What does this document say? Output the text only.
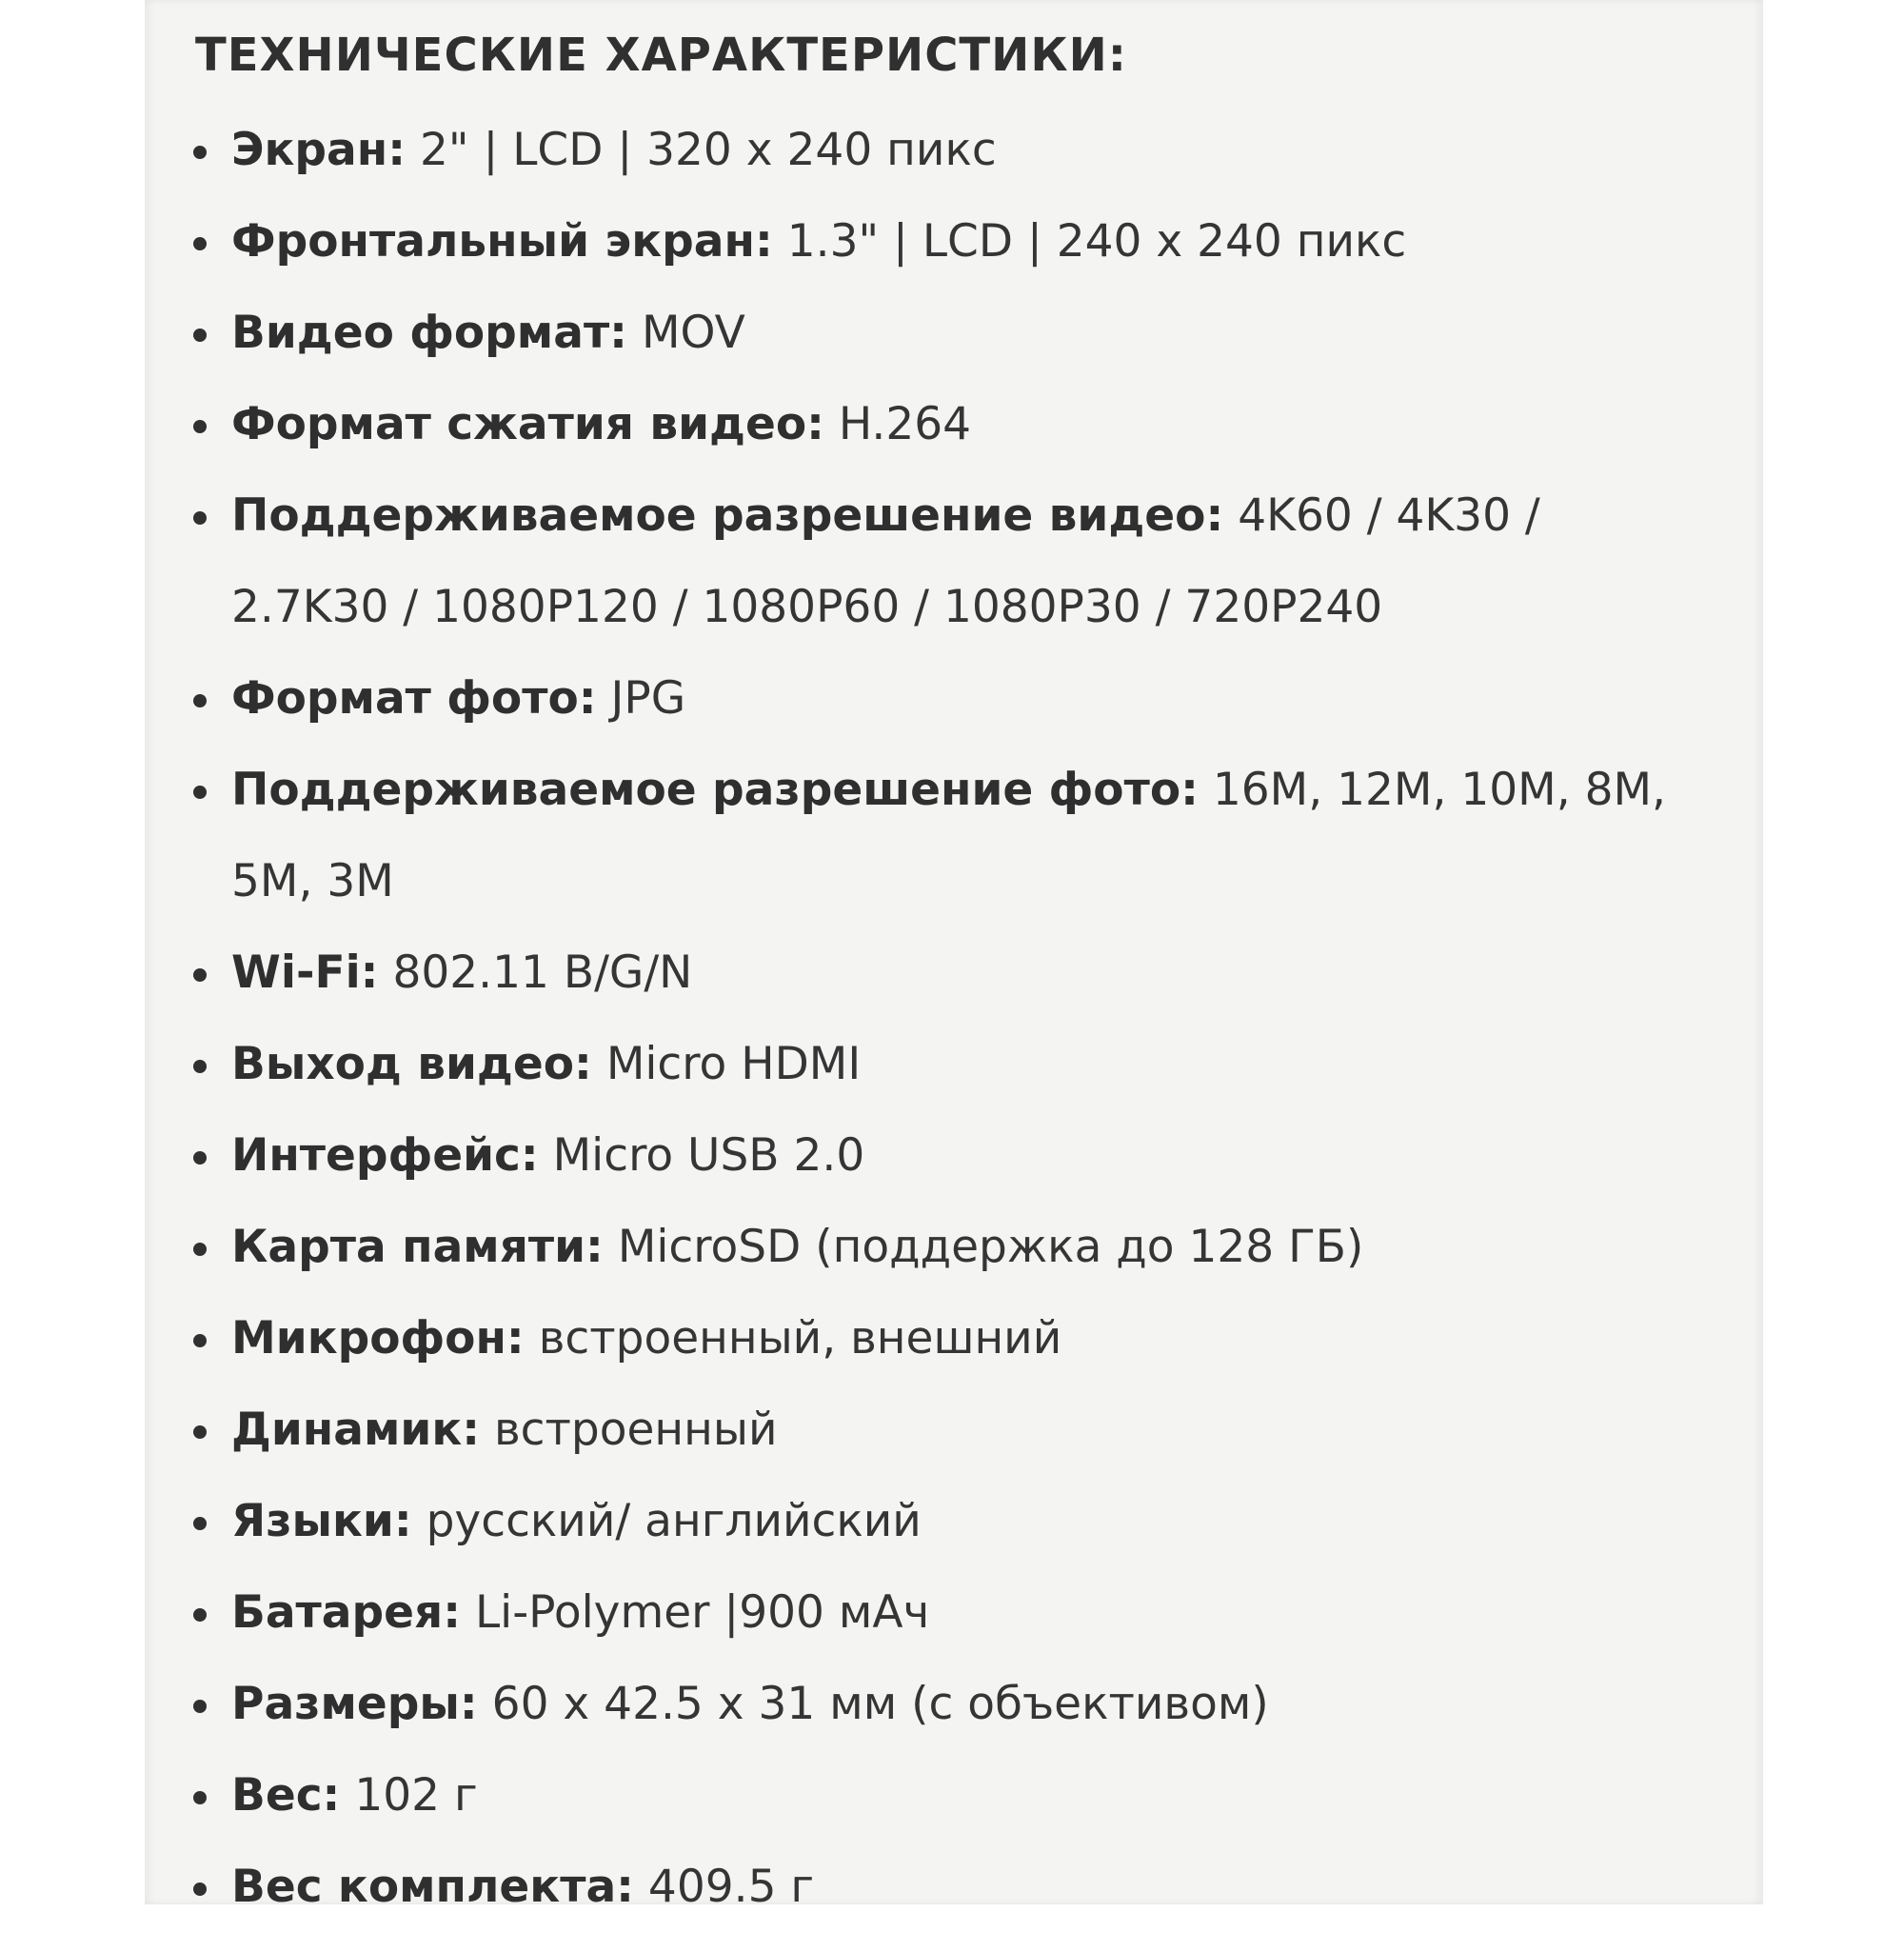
ТЕХНИЧЕСКИЕ ХАРАКТЕРИСТИКИ:
Экран: 2" | LCD | 320 x 240 пикс
Фронтальный экран: 1.3" | LCD | 240 x 240 пикс
Видео формат: MOV
Формат сжатия видео: H.264
Поддерживаемое разрешение видео: 4K60 / 4K30 / 2.7K30 / 1080P120 / 1080P60 / 1080P30 / 720P240
Формат фото: JPG
Поддерживаемое разрешение фото: 16M, 12M, 10M, 8M, 5M, 3M
Wi-Fi: 802.11 B/G/N
Выход видео: Micro HDMI
Интерфейс: Micro USB 2.0
Карта памяти: MicroSD (поддержка до 128 ГБ)
Микрофон: встроенный, внешний
Динамик: встроенный
Языки: русский/ английский
Батарея: Li-Polymer |900 мАч
Размеры: 60 x 42.5 x 31 мм (с объективом)
Вес: 102 г
Вес комплекта: 409.5 г
